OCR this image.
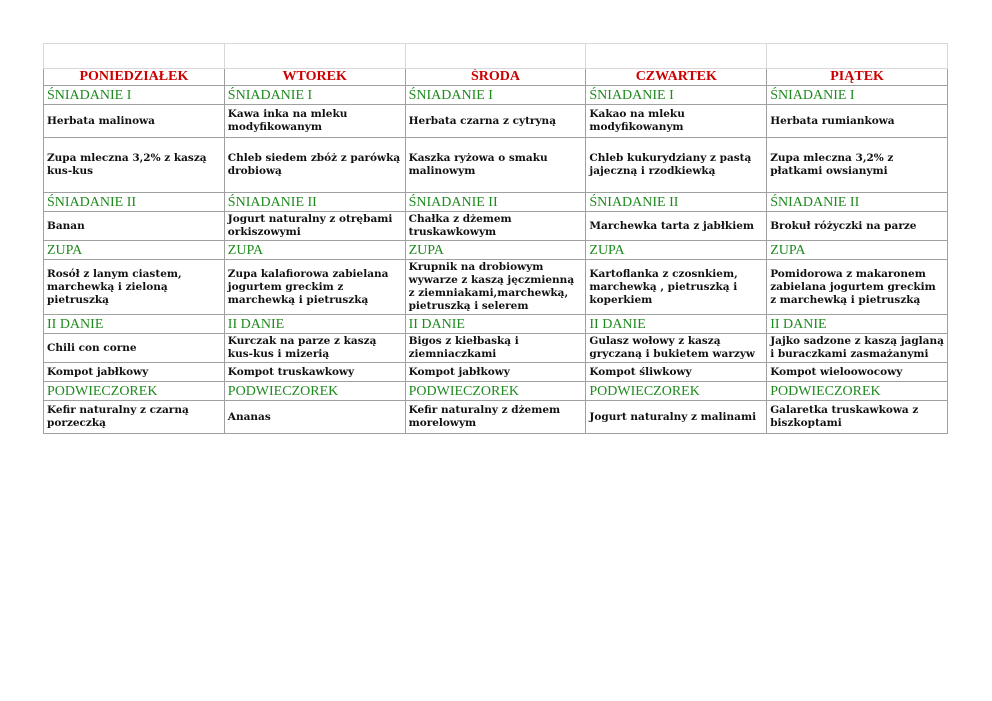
PONIEDZIAŁEK	WTOREK	ŚRODA	CZWARTEK	PIĄTEK
ŚNIADANIE I	ŚNIADANIE I	ŚNIADANIE I	ŚNIADANIE I	ŚNIADANIE I
Herbata malinowa	Kawa inka na mleku modyfikowanym	Herbata czarna z cytryną	Kakao na mleku modyfikowanym	Herbata rumiankowa
Zupa mleczna 3,2% z kaszą kus-kus	Chleb siedem zbóż z parówką drobiową	Kaszka ryżowa o smaku malinowym	Chleb kukurydziany z pastą jajeczną i rzodkiewką	Zupa mleczna 3,2% z płatkami owsianymi
ŚNIADANIE II	ŚNIADANIE II	ŚNIADANIE II	ŚNIADANIE II	ŚNIADANIE II
Banan	Jogurt naturalny z otrębami orkiszowymi	Chałka z dżemem truskawkowym	Marchewka tarta z jabłkiem	Brokuł różyczki na parze
ZUPA	ZUPA	ZUPA	ZUPA	ZUPA
Rosół z lanym ciastem, marchewką i zieloną pietruszką	Zupa kalafiorowa zabielana jogurtem greckim z marchewką i pietruszką	Krupnik na drobiowym wywarze z kaszą jęczmienną z ziemniakami,marchewką, pietruszką i selerem	Kartoflanka z czosnkiem, marchewką , pietruszką i koperkiem	Pomidorowa z makaronem zabielana jogurtem greckim z marchewką i pietruszką
II DANIE	II DANIE	II DANIE	II DANIE	II DANIE
Chili con corne	Kurczak na parze z kaszą kus-kus i mizerią	Bigos z kiełbaską i ziemniaczkami	Gulasz wołowy z kaszą gryczaną i bukietem warzyw	Jajko sadzone z kaszą jaglaną i buraczkami zasmażanymi
Kompot jabłkowy	Kompot truskawkowy	Kompot jabłkowy	Kompot śliwkowy	Kompot wieloowocowy
PODWIECZOREK	PODWIECZOREK	PODWIECZOREK	PODWIECZOREK	PODWIECZOREK
Kefir naturalny z czarną porzeczką	Ananas	Kefir naturalny z dżemem morelowym	Jogurt naturalny z malinami	Galaretka truskawkowa z biszkoptami
